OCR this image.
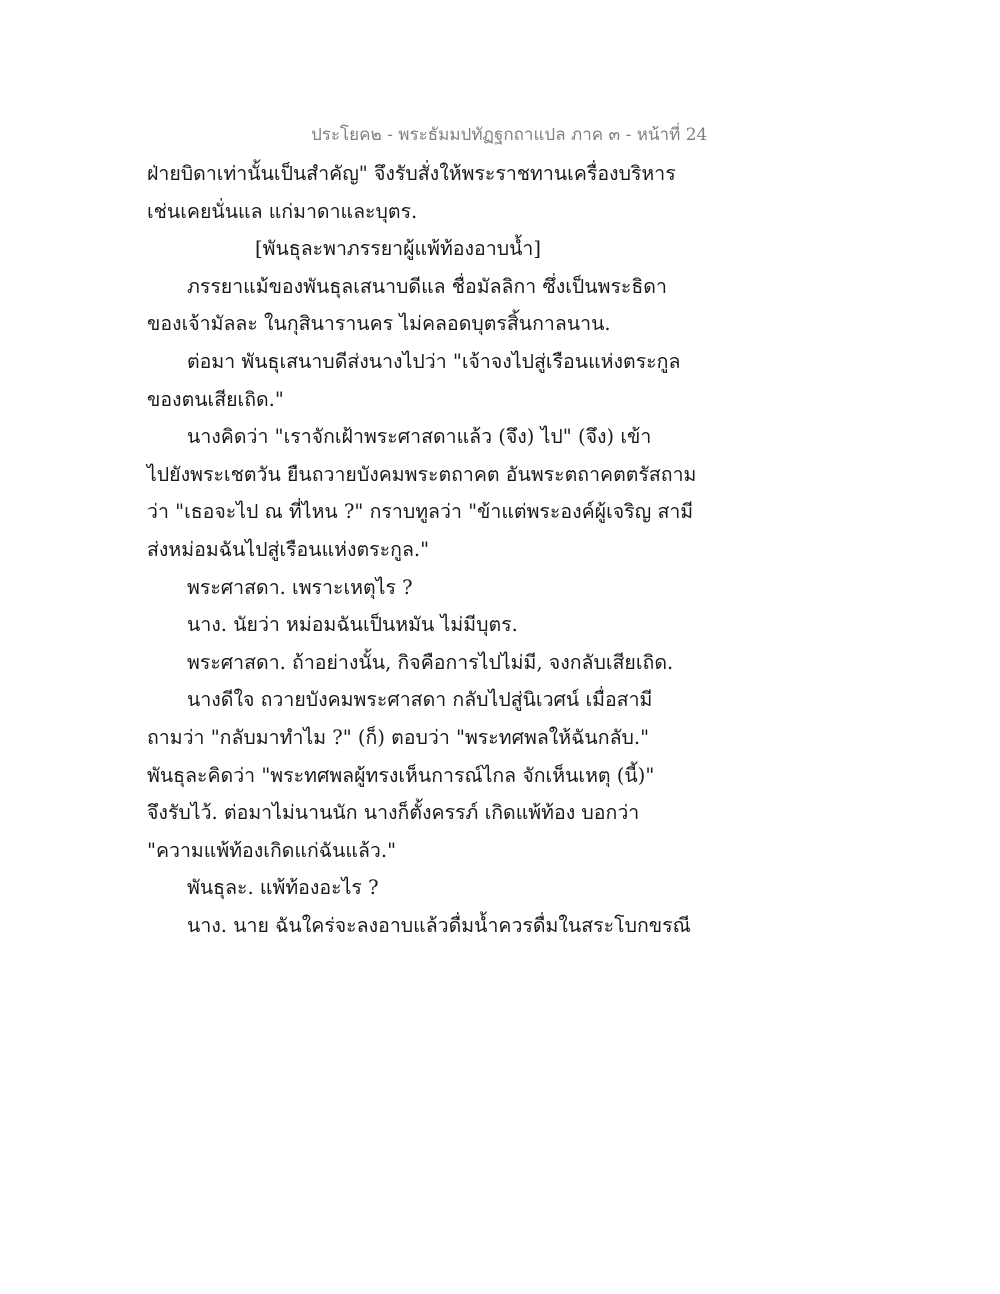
ประโยค๒ - พระธัมมปทัฏฐกถาแปล ภาค ๓ - หน้าที่ 24
ฝ่ายบิดาเท่านั้นเป็นสำคัญ" จึงรับสั่งให้พระราชทานเครื่องบริหาร
เช่นเคยนั่นแล แก่มาดาและบุตร.
[พันธุละพาภรรยาผู้แพ้ท้องอาบน้ำ]
ภรรยาแม้ของพันธุลเสนาบดีแล ชื่อมัลลิกา ซึ่งเป็นพระธิดา
ของเจ้ามัลละ ในกุสินารานคร ไม่คลอดบุตรสิ้นกาลนาน.
ต่อมา พันธุเสนาบดีส่งนางไปว่า "เจ้าจงไปสู่เรือนแห่งตระกูล
ของตนเสียเถิด."
นางคิดว่า "เราจักเฝ้าพระศาสดาแล้ว (จึง) ไป" (จึง) เข้า
ไปยังพระเชตวัน ยืนถวายบังคมพระตถาคต อันพระตถาคตตรัสถาม
ว่า "เธอจะไป ณ ที่ไหน ?" กราบทูลว่า "ข้าแต่พระองค์ผู้เจริญ สามี
ส่งหม่อมฉันไปสู่เรือนแห่งตระกูล."
พระศาสดา. เพราะเหตุไร ?
นาง. นัยว่า หม่อมฉันเป็นหมัน ไม่มีบุตร.
พระศาสดา. ถ้าอย่างนั้น, กิจคือการไปไม่มี, จงกลับเสียเถิด.
นางดีใจ ถวายบังคมพระศาสดา กลับไปสู่นิเวศน์ เมื่อสามี
ถามว่า "กลับมาทำไม ?" (ก็) ตอบว่า "พระทศพลให้ฉันกลับ."
พันธุละคิดว่า "พระทศพลผู้ทรงเห็นการณ์ไกล จักเห็นเหตุ (นี้)"
จึงรับไว้. ต่อมาไม่นานนัก นางก็ตั้งครรภ์ เกิดแพ้ท้อง บอกว่า
"ความแพ้ท้องเกิดแก่ฉันแล้ว."
พันธุละ. แพ้ท้องอะไร ?
นาง. นาย ฉันใคร่จะลงอาบแล้วดื่มน้ำควรดื่มในสระโบกขรณี
